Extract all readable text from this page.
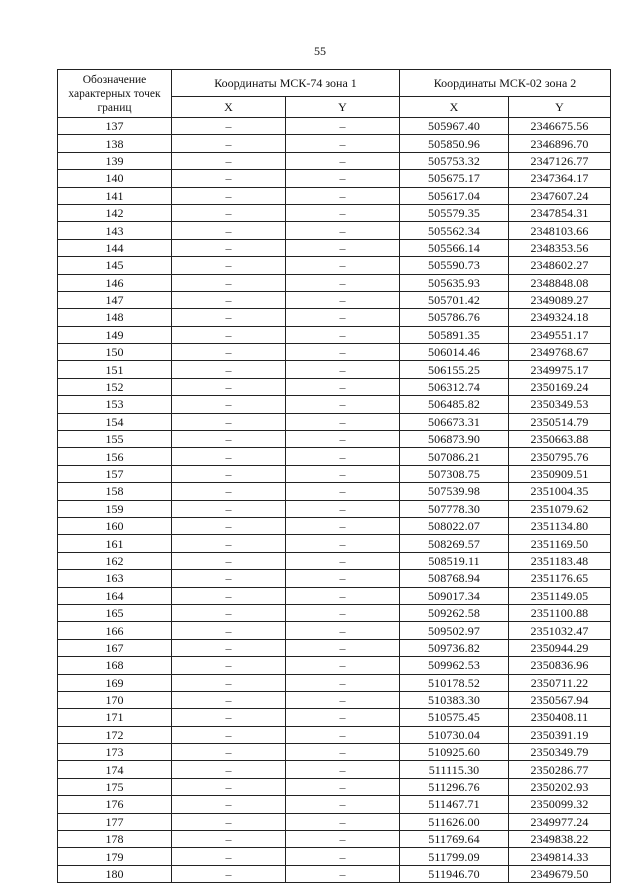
55
Обозначение характерных точек границ	Координаты МСК-74 зона 1		Координаты МСК-02 зона 2	
	X	Y	X	Y
137	–	–	505967.40	2346675.56
138	–	–	505850.96	2346896.70
139	–	–	505753.32	2347126.77
140	–	–	505675.17	2347364.17
141	–	–	505617.04	2347607.24
142	–	–	505579.35	2347854.31
143	–	–	505562.34	2348103.66
144	–	–	505566.14	2348353.56
145	–	–	505590.73	2348602.27
146	–	–	505635.93	2348848.08
147	–	–	505701.42	2349089.27
148	–	–	505786.76	2349324.18
149	–	–	505891.35	2349551.17
150	–	–	506014.46	2349768.67
151	–	–	506155.25	2349975.17
152	–	–	506312.74	2350169.24
153	–	–	506485.82	2350349.53
154	–	–	506673.31	2350514.79
155	–	–	506873.90	2350663.88
156	–	–	507086.21	2350795.76
157	–	–	507308.75	2350909.51
158	–	–	507539.98	2351004.35
159	–	–	507778.30	2351079.62
160	–	–	508022.07	2351134.80
161	–	–	508269.57	2351169.50
162	–	–	508519.11	2351183.48
163	–	–	508768.94	2351176.65
164	–	–	509017.34	2351149.05
165	–	–	509262.58	2351100.88
166	–	–	509502.97	2351032.47
167	–	–	509736.82	2350944.29
168	–	–	509962.53	2350836.96
169	–	–	510178.52	2350711.22
170	–	–	510383.30	2350567.94
171	–	–	510575.45	2350408.11
172	–	–	510730.04	2350391.19
173	–	–	510925.60	2350349.79
174	–	–	511115.30	2350286.77
175	–	–	511296.76	2350202.93
176	–	–	511467.71	2350099.32
177	–	–	511626.00	2349977.24
178	–	–	511769.64	2349838.22
179	–	–	511799.09	2349814.33
180	–	–	511946.70	2349679.50
